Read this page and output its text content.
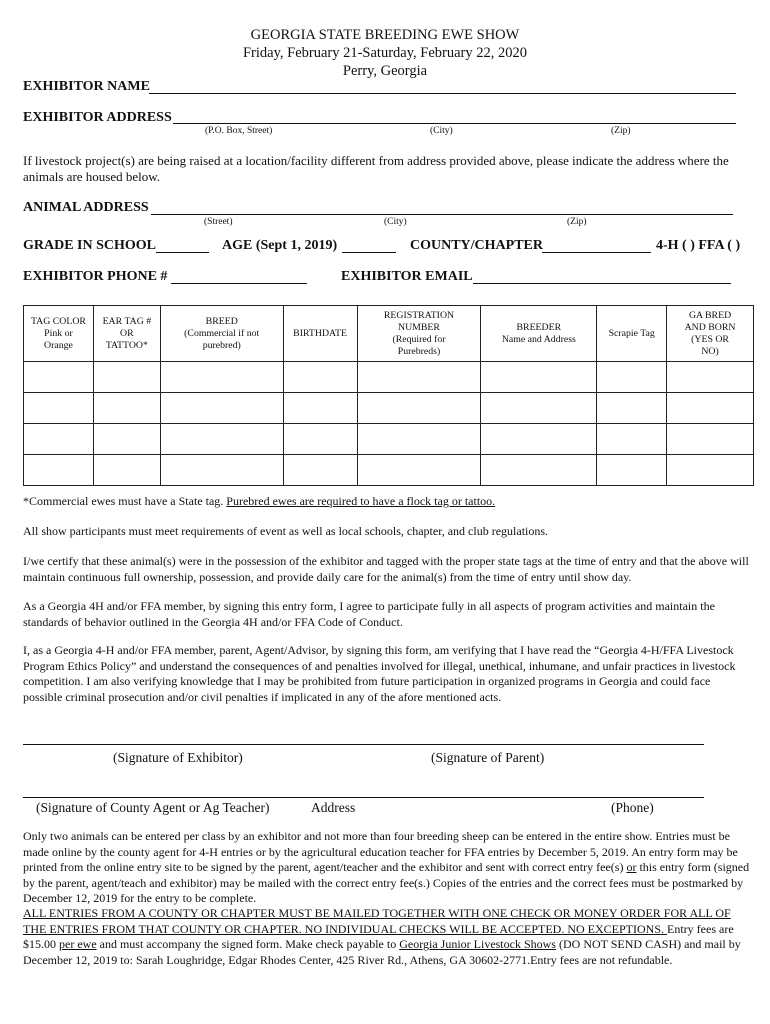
GEORGIA STATE BREEDING EWE SHOW
Friday, February 21-Saturday, February 22, 2020
Perry, Georgia
EXHIBITOR NAME
EXHIBITOR ADDRESS
(P.O. Box, Street)	(City)	(Zip)
If livestock project(s) are being raised at a location/facility different from address provided above, please indicate the address where the animals are housed below.
ANIMAL ADDRESS
(Street)	(City)	(Zip)
GRADE IN SCHOOL	AGE (Sept 1, 2019)	COUNTY/CHAPTER	4-H ( ) FFA ( )
EXHIBITOR PHONE #	EXHIBITOR EMAIL
TAG COLOR
Pink or
Orange	EAR TAG #
OR
TATTOO*	BREED
(Commercial if not
purebred)	BIRTHDATE	REGISTRATION
NUMBER
(Required for
Purebreds)	BREEDER
Name and Address	Scrapie Tag	GA BRED
AND BORN
(YES OR
NO)

*Commercial ewes must have a State tag. Purebred ewes are required to have a flock tag or tattoo.
All show participants must meet requirements of event as well as local schools, chapter, and club regulations.
I/we certify that these animal(s) were in the possession of the exhibitor and tagged with the proper state tags at the time of entry and that the above will maintain continuous full ownership, possession, and provide daily care for the animal(s) from the time of entry until show day.
As a Georgia 4H and/or FFA member, by signing this entry form, I agree to participate fully in all aspects of program activities and maintain the standards of behavior outlined in the Georgia 4H and/or FFA Code of Conduct.
I, as a Georgia 4-H and/or FFA member, parent, Agent/Advisor, by signing this form, am verifying that I have read the “Georgia 4-H/FFA Livestock Program Ethics Policy” and understand the consequences of and penalties involved for illegal, unethical, inhumane, and unfair practices in livestock competition. I am also verifying knowledge that I may be prohibited from future participation in organized programs in Georgia and could face possible criminal prosecution and/or civil penalties if implicated in any of the afore mentioned acts.
(Signature of Exhibitor)	(Signature of Parent)
(Signature of County Agent or Ag Teacher)	Address	(Phone)
Only two animals can be entered per class by an exhibitor and not more than four breeding sheep can be entered in the entire show. Entries must be made online by the county agent for 4-H entries or by the agricultural education teacher for FFA entries by December 5, 2019. An entry form may be printed from the online entry site to be signed by the parent, agent/teacher and the exhibitor and sent with correct entry fee(s) or this entry form (signed by the parent, agent/teach and exhibitor) may be mailed with the correct entry fee(s.) Copies of the entries and the correct fees must be postmarked by December 12, 2019 for the entry to be complete.
ALL ENTRIES FROM A COUNTY OR CHAPTER MUST BE MAILED TOGETHER WITH ONE CHECK OR MONEY ORDER FOR ALL OF THE ENTRIES FROM THAT COUNTY OR CHAPTER. NO INDIVIDUAL CHECKS WILL BE ACCEPTED. NO EXCEPTIONS. Entry fees are $15.00 per ewe and must accompany the signed form. Make check payable to Georgia Junior Livestock Shows (DO NOT SEND CASH) and mail by December 12, 2019 to: Sarah Loughridge, Edgar Rhodes Center, 425 River Rd., Athens, GA 30602-2771.Entry fees are not refundable.
